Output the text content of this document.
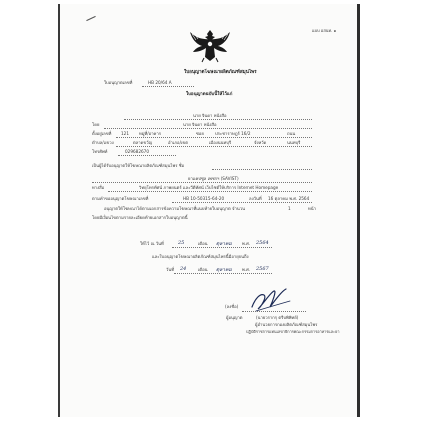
แบบ อสนท. ๑
ใบอนุญาตโฆษณาผลิตภัณฑ์สมุนไพร
ใบอนุญาตเลขที่	HB 20/64 A
ใบอนุญาตฉบับนี้ให้ไว้แก่
นาย จินดา หนังสือ
โดย	นาย จินดา หนังสือ
ตั้งอยู่เลขที่ 121 หมู่ที่/อาคาร	ซอย	ประชาราษฎร์ 16/2	ถนน
ตำบล/แขวง	ตลาดขวัญ	อำเภอ/เขต	เมืองนนทบุรี	จังหวัด	นนทบุรี
โทรศัพท์	029682670
เป็นผู้ได้รับอนุญาตให้โฆษณาผลิตภัณฑ์สมุนไพร ชื่อ
ยาแคปซูล เพชรฯ (SAVIST)
ทางสื่อ	วิทยุโทรทัศน์ ภาพยนตร์ และวีดีทัศน์ เว็บไซต์ให้บริการ Internet Homepage
ตามคำขออนุญาตโฆษณาเลขที่	HB 10-50315-64-20	ลงวันที่ 16 ตุลาคม พ.ศ. 2564
อนุญาตให้โฆษณาได้ตามเอกสารข้อความโฆษณาที่แนบท้ายใบอนุญาต จำนวน	1	หน้า
โดยมีเงื่อนไขตามรายละเอียดท้ายเอกสารใบอนุญาตนี้
ให้ไว้ ณ วันที่	25	เดือน ตุลาคม พ.ศ. 2564
และใบอนุญาตโฆษณาผลิตภัณฑ์สมุนไพรนี้มีอายุจนถึง
วันที่ 24	เดือน ตุลาคม พ.ศ. 2567
(ลงชื่อ)
ผู้อนุญาต	(นายวรากรุ ตรีบพิพิทย์)
ผู้อำนวยการกองผลิตภัณฑ์สมุนไพร
ปฏิบัติราชการแทนเลขาธิการคณะกรรมการอาหารและยา
